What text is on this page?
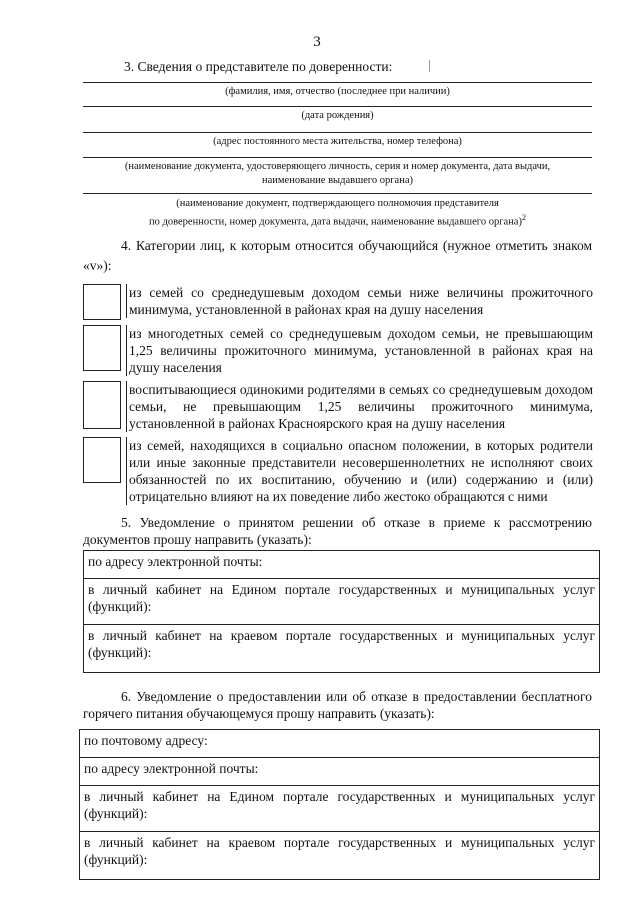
3
3. Сведения о представителе по доверенности:
(фамилия, имя, отчество (последнее при наличии)
(дата рождения)
(адрес постоянного места жительства, номер телефона)
(наименование документа, удостоверяющего личность, серия и номер документа, дата выдачи,
наименование выдавшего органа)
(наименование документ, подтверждающего полномочия представителя
по доверенности, номер документа, дата выдачи, наименование выдавшего органа)$^2$
4. Категории лиц, к которым относится обучающийся (нужное отметить знаком «v»):
из семей со среднедушевым доходом семьи ниже величины прожиточного минимума, установленной в районах края на душу населения
из многодетных семей со среднедушевым доходом семьи, не превышающим 1,25 величины прожиточного минимума, установленной в районах края на душу населения
воспитывающиеся одинокими родителями в семьях со среднедушевым доходом семьи, не превышающим 1,25 величины прожиточного минимума, установленной в районах Красноярского края на душу населения
из семей, находящихся в социально опасном положении, в которых родители или иные законные представители несовершеннолетних не исполняют своих обязанностей по их воспитанию, обучению и (или) содержанию и (или) отрицательно влияют на их поведение либо жестоко обращаются с ними
5. Уведомление о принятом решении об отказе в приеме к рассмотрению документов прошу направить (указать):
по адресу электронной почты:
в личный кабинет на Едином портале государственных и муниципальных услуг (функций):
в личный кабинет на краевом портале государственных и муниципальных услуг (функций):
6. Уведомление о предоставлении или об отказе в предоставлении бесплатного горячего питания обучающемуся прошу направить (указать):
по почтовому адресу:
по адресу электронной почты:
в личный кабинет на Едином портале государственных и муниципальных услуг (функций):
в личный кабинет на краевом портале государственных и муниципальных услуг (функций):
